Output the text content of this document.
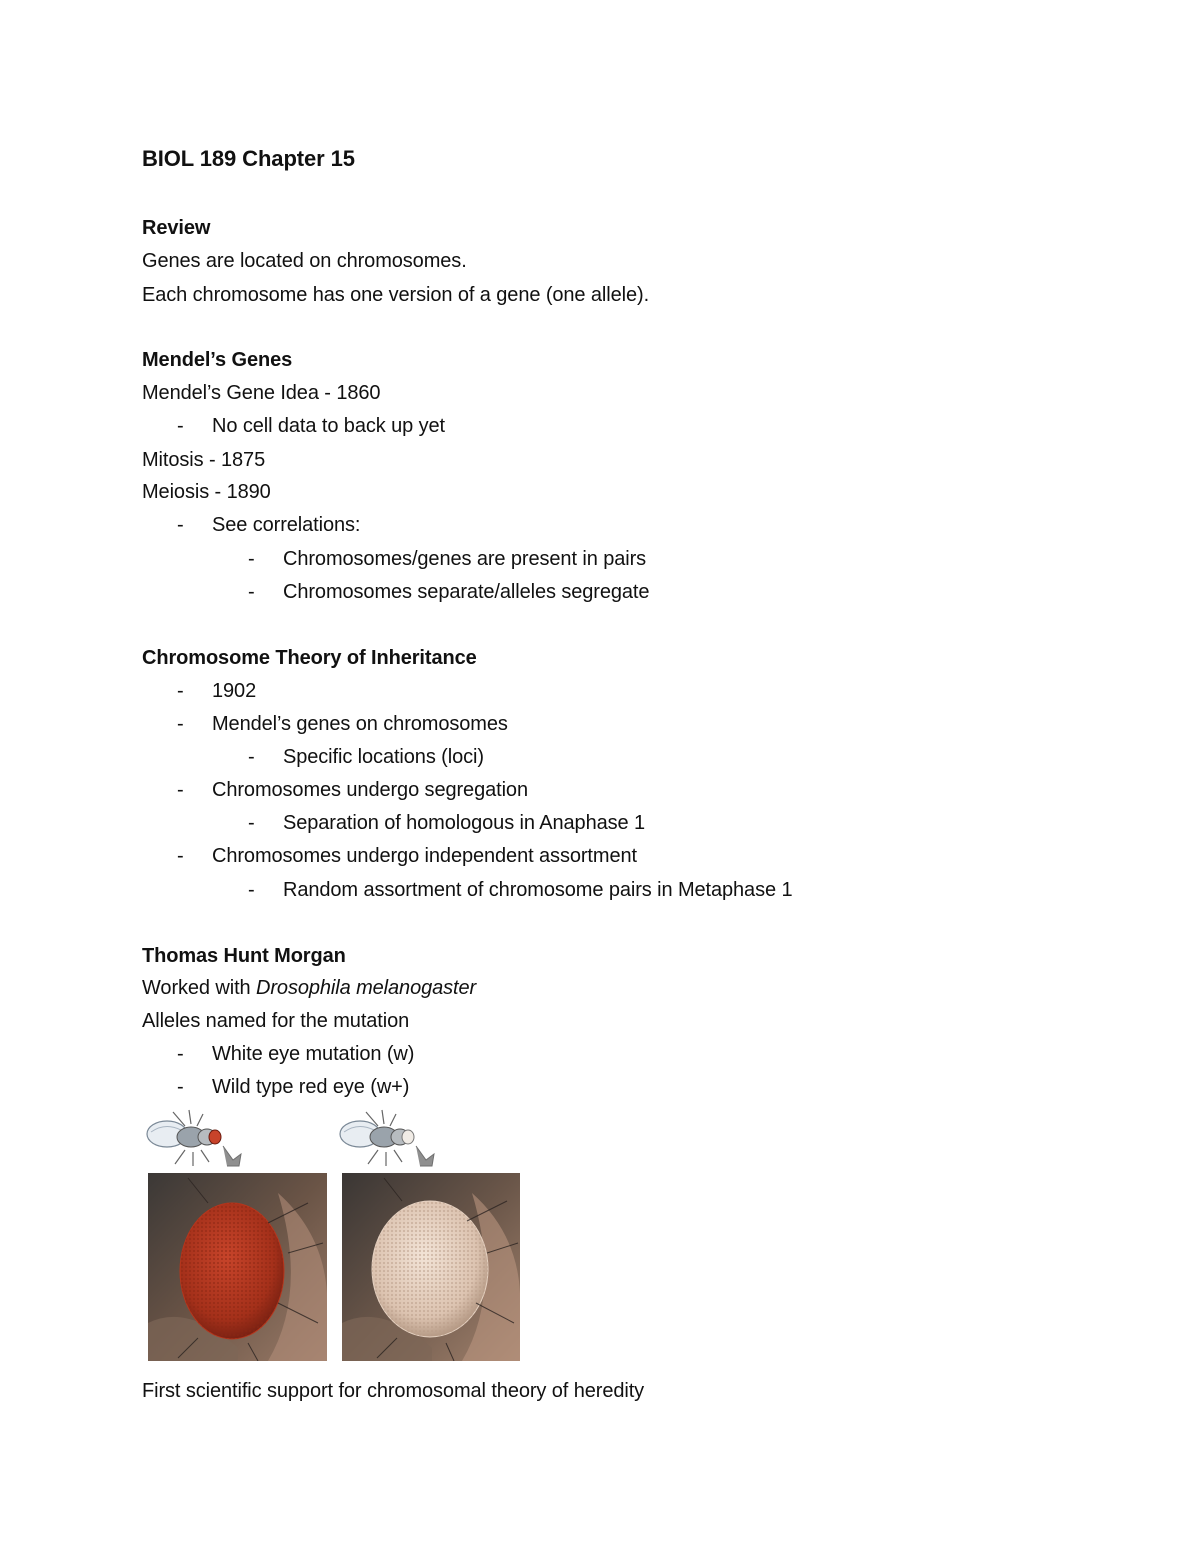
BIOL 189 Chapter 15
Review
Genes are located on chromosomes.
Each chromosome has one version of a gene (one allele).
Mendel’s Genes
Mendel’s Gene Idea - 1860
- No cell data to back up yet
Mitosis - 1875
Meiosis - 1890
- See correlations:
- Chromosomes/genes are present in pairs
- Chromosomes separate/alleles segregate
Chromosome Theory of Inheritance
- 1902
- Mendel’s genes on chromosomes
- Specific locations (loci)
- Chromosomes undergo segregation
- Separation of homologous in Anaphase 1
- Chromosomes undergo independent assortment
- Random assortment of chromosome pairs in Metaphase 1
Thomas Hunt Morgan
Worked with Drosophila melanogaster
Alleles named for the mutation
- White eye mutation (w)
- Wild type red eye (w+)
First scientific support for chromosomal theory of heredity
